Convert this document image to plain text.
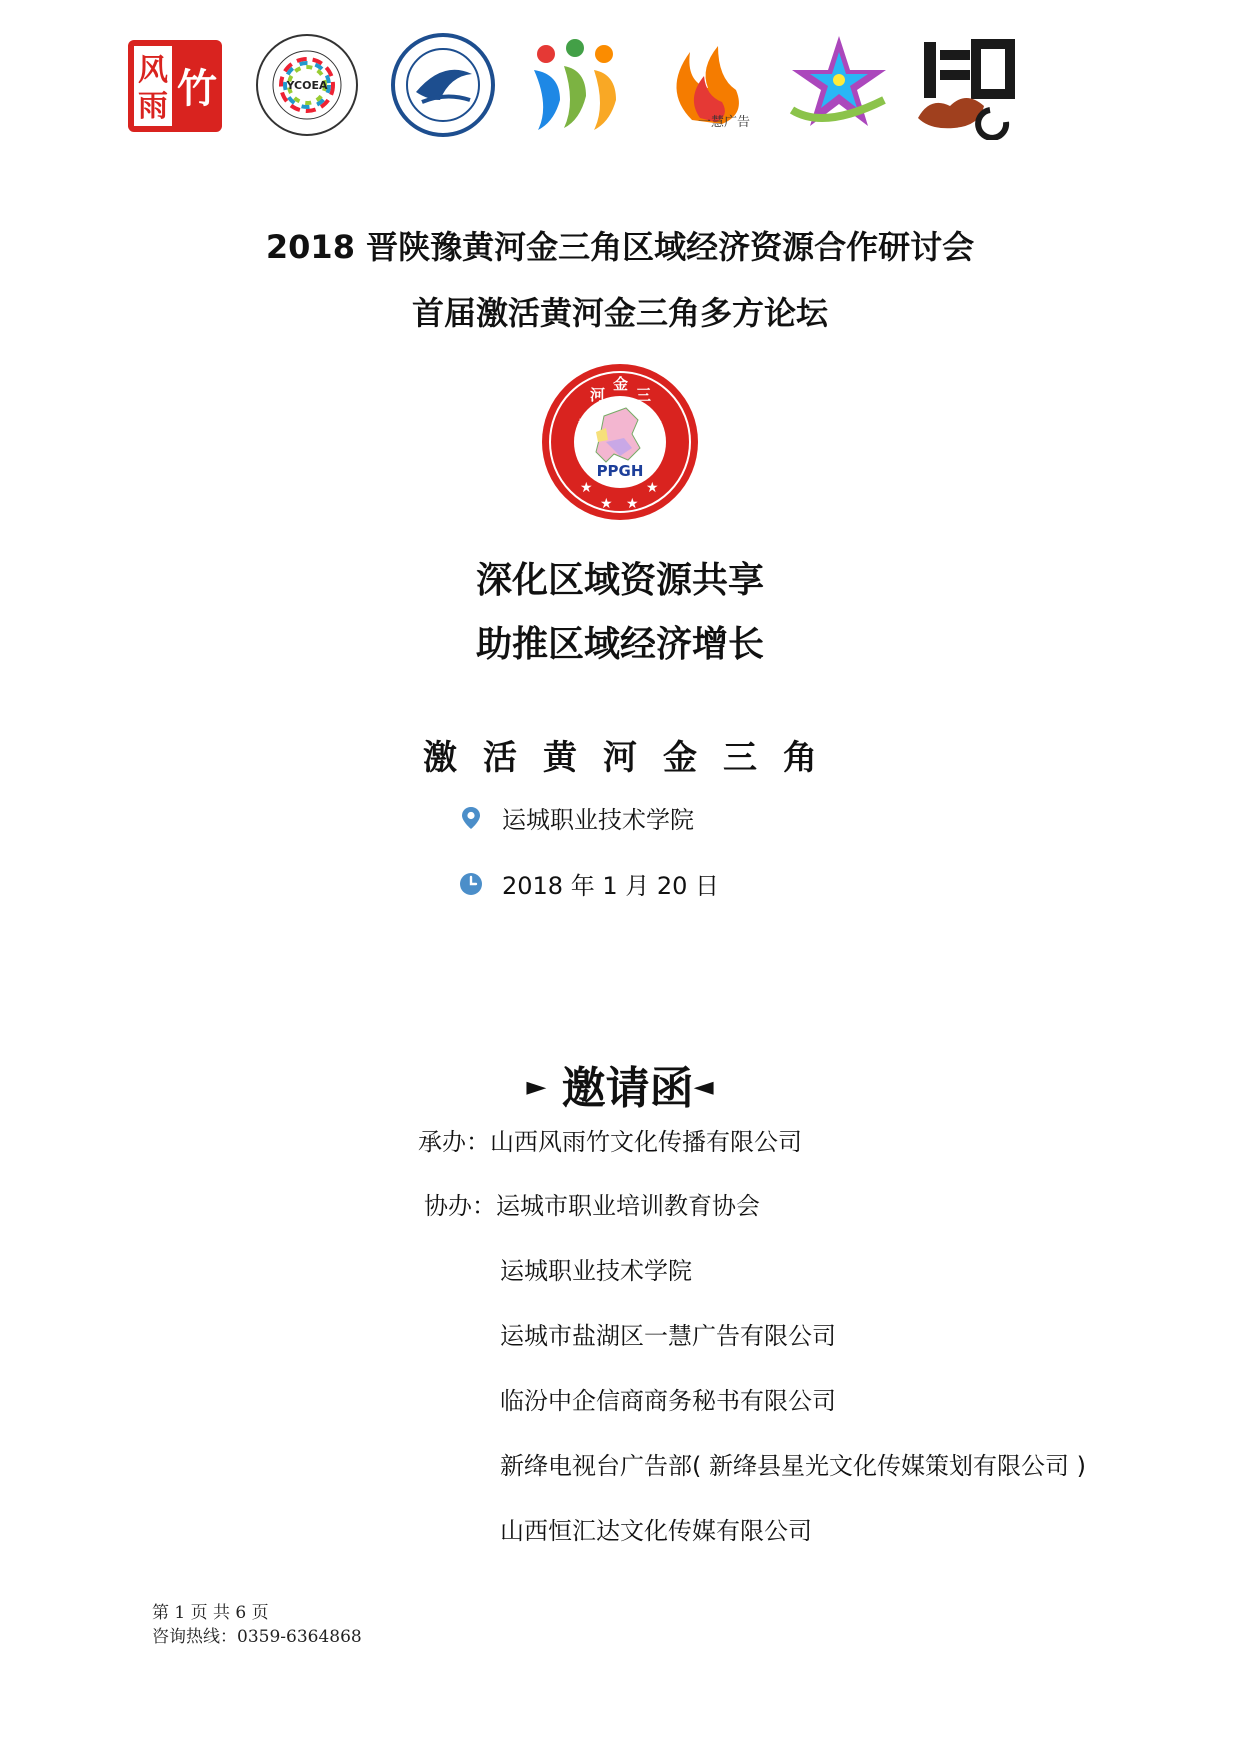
风
雨 竹	YCOEA
一慧广告
2018 晋陕豫黄河金三角区域经济资源合作研讨会
首届激活黄河金三角多方论坛
PPGH
黄
河
金
三
角
★
★ ★
★
深化区域资源共享
助推区域经济增长
激活黄河金三角
运城职业技术学院
2018 年 1 月 20 日
► 邀请函◄
承办：山西风雨竹文化传播有限公司
协办：运城市职业培训教育协会
运城职业技术学院
运城市盐湖区一慧广告有限公司
临汾中企信商商务秘书有限公司
新绛电视台广告部( 新绛县星光文化传媒策划有限公司 )
山西恒汇达文化传媒有限公司
第 1 页 共 6 页
咨询热线：0359-6364868
